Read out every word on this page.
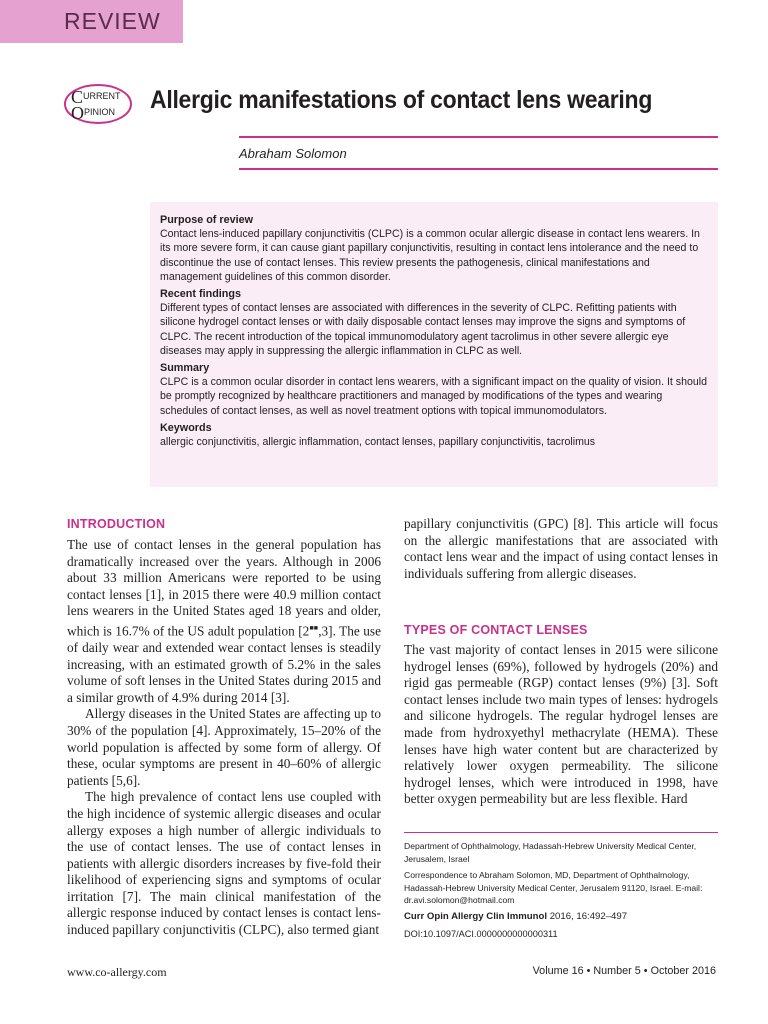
REVIEW
C URRENT
O PINION Allergic manifestations of contact lens wearing
Abraham Solomon
Purpose of review

Contact lens-induced papillary conjunctivitis (CLPC) is a common ocular allergic disease in contact lens wearers. In its more severe form, it can cause giant papillary conjunctivitis, resulting in contact lens intolerance and the need to discontinue the use of contact lenses. This review presents the pathogenesis, clinical manifestations and management guidelines of this common disorder.

Recent findings

Different types of contact lenses are associated with differences in the severity of CLPC. Refitting patients with silicone hydrogel contact lenses or with daily disposable contact lenses may improve the signs and symptoms of CLPC. The recent introduction of the topical immunomodulatory agent tacrolimus in other severe allergic eye diseases may apply in suppressing the allergic inflammation in CLPC as well.

Summary

CLPC is a common ocular disorder in contact lens wearers, with a significant impact on the quality of vision. It should be promptly recognized by healthcare practitioners and managed by modifications of the types and wearing schedules of contact lenses, as well as novel treatment options with topical immunomodulators.

Keywords

allergic conjunctivitis, allergic inflammation, contact lenses, papillary conjunctivitis, tacrolimus

INTRODUCTION

The use of contact lenses in the general population has dramatically increased over the years. Although in 2006 about 33 million Americans were reported to be using contact lenses [1], in 2015 there were 40.9 million contact lens wearers in the United States aged 18 years and older, which is 16.7% of the US adult population [2■■,3]. The use of daily wear and extended wear contact lenses is steadily increasing, with an estimated growth of 5.2% in the sales volume of soft lenses in the United States during 2015 and a similar growth of 4.9% during 2014 [3].

Allergy diseases in the United States are affecting up to 30% of the population [4]. Approximately, 15–20% of the world population is affected by some form of allergy. Of these, ocular symptoms are present in 40–60% of allergic patients [5,6].

The high prevalence of contact lens use coupled with the high incidence of systemic allergic diseases and ocular allergy exposes a high number of allergic individuals to the use of contact lenses. The use of contact lenses in patients with allergic disorders increases by five-fold their likelihood of experiencing signs and symptoms of ocular irritation [7]. The main clinical manifestation of the allergic response induced by contact lenses is contact lens-induced papillary conjunctivitis (CLPC), also termed giant

papillary conjunctivitis (GPC) [8]. This article will focus on the allergic manifestations that are associated with contact lens wear and the impact of using contact lenses in individuals suffering from allergic diseases.

TYPES OF CONTACT LENSES

The vast majority of contact lenses in 2015 were silicone hydrogel lenses (69%), followed by hydrogels (20%) and rigid gas permeable (RGP) contact lenses (9%) [3]. Soft contact lenses include two main types of lenses: hydrogels and silicone hydrogels. The regular hydrogel lenses are made from hydroxyethyl methacrylate (HEMA). These lenses have high water content but are characterized by relatively lower oxygen permeability. The silicone hydrogel lenses, which were introduced in 1998, have better oxygen permeability but are less flexible. Hard

Department of Ophthalmology, Hadassah-Hebrew University Medical Center, Jerusalem, Israel

Correspondence to Abraham Solomon, MD, Department of Ophthalmology, Hadassah-Hebrew University Medical Center, Jerusalem 91120, Israel. E-mail: dr.avi.solomon@hotmail.com

Curr Opin Allergy Clin Immunol 2016, 16:492–497

DOI:10.1097/ACI.0000000000000311

www.co-allergy.com	Volume 16 • Number 5 • October 2016
